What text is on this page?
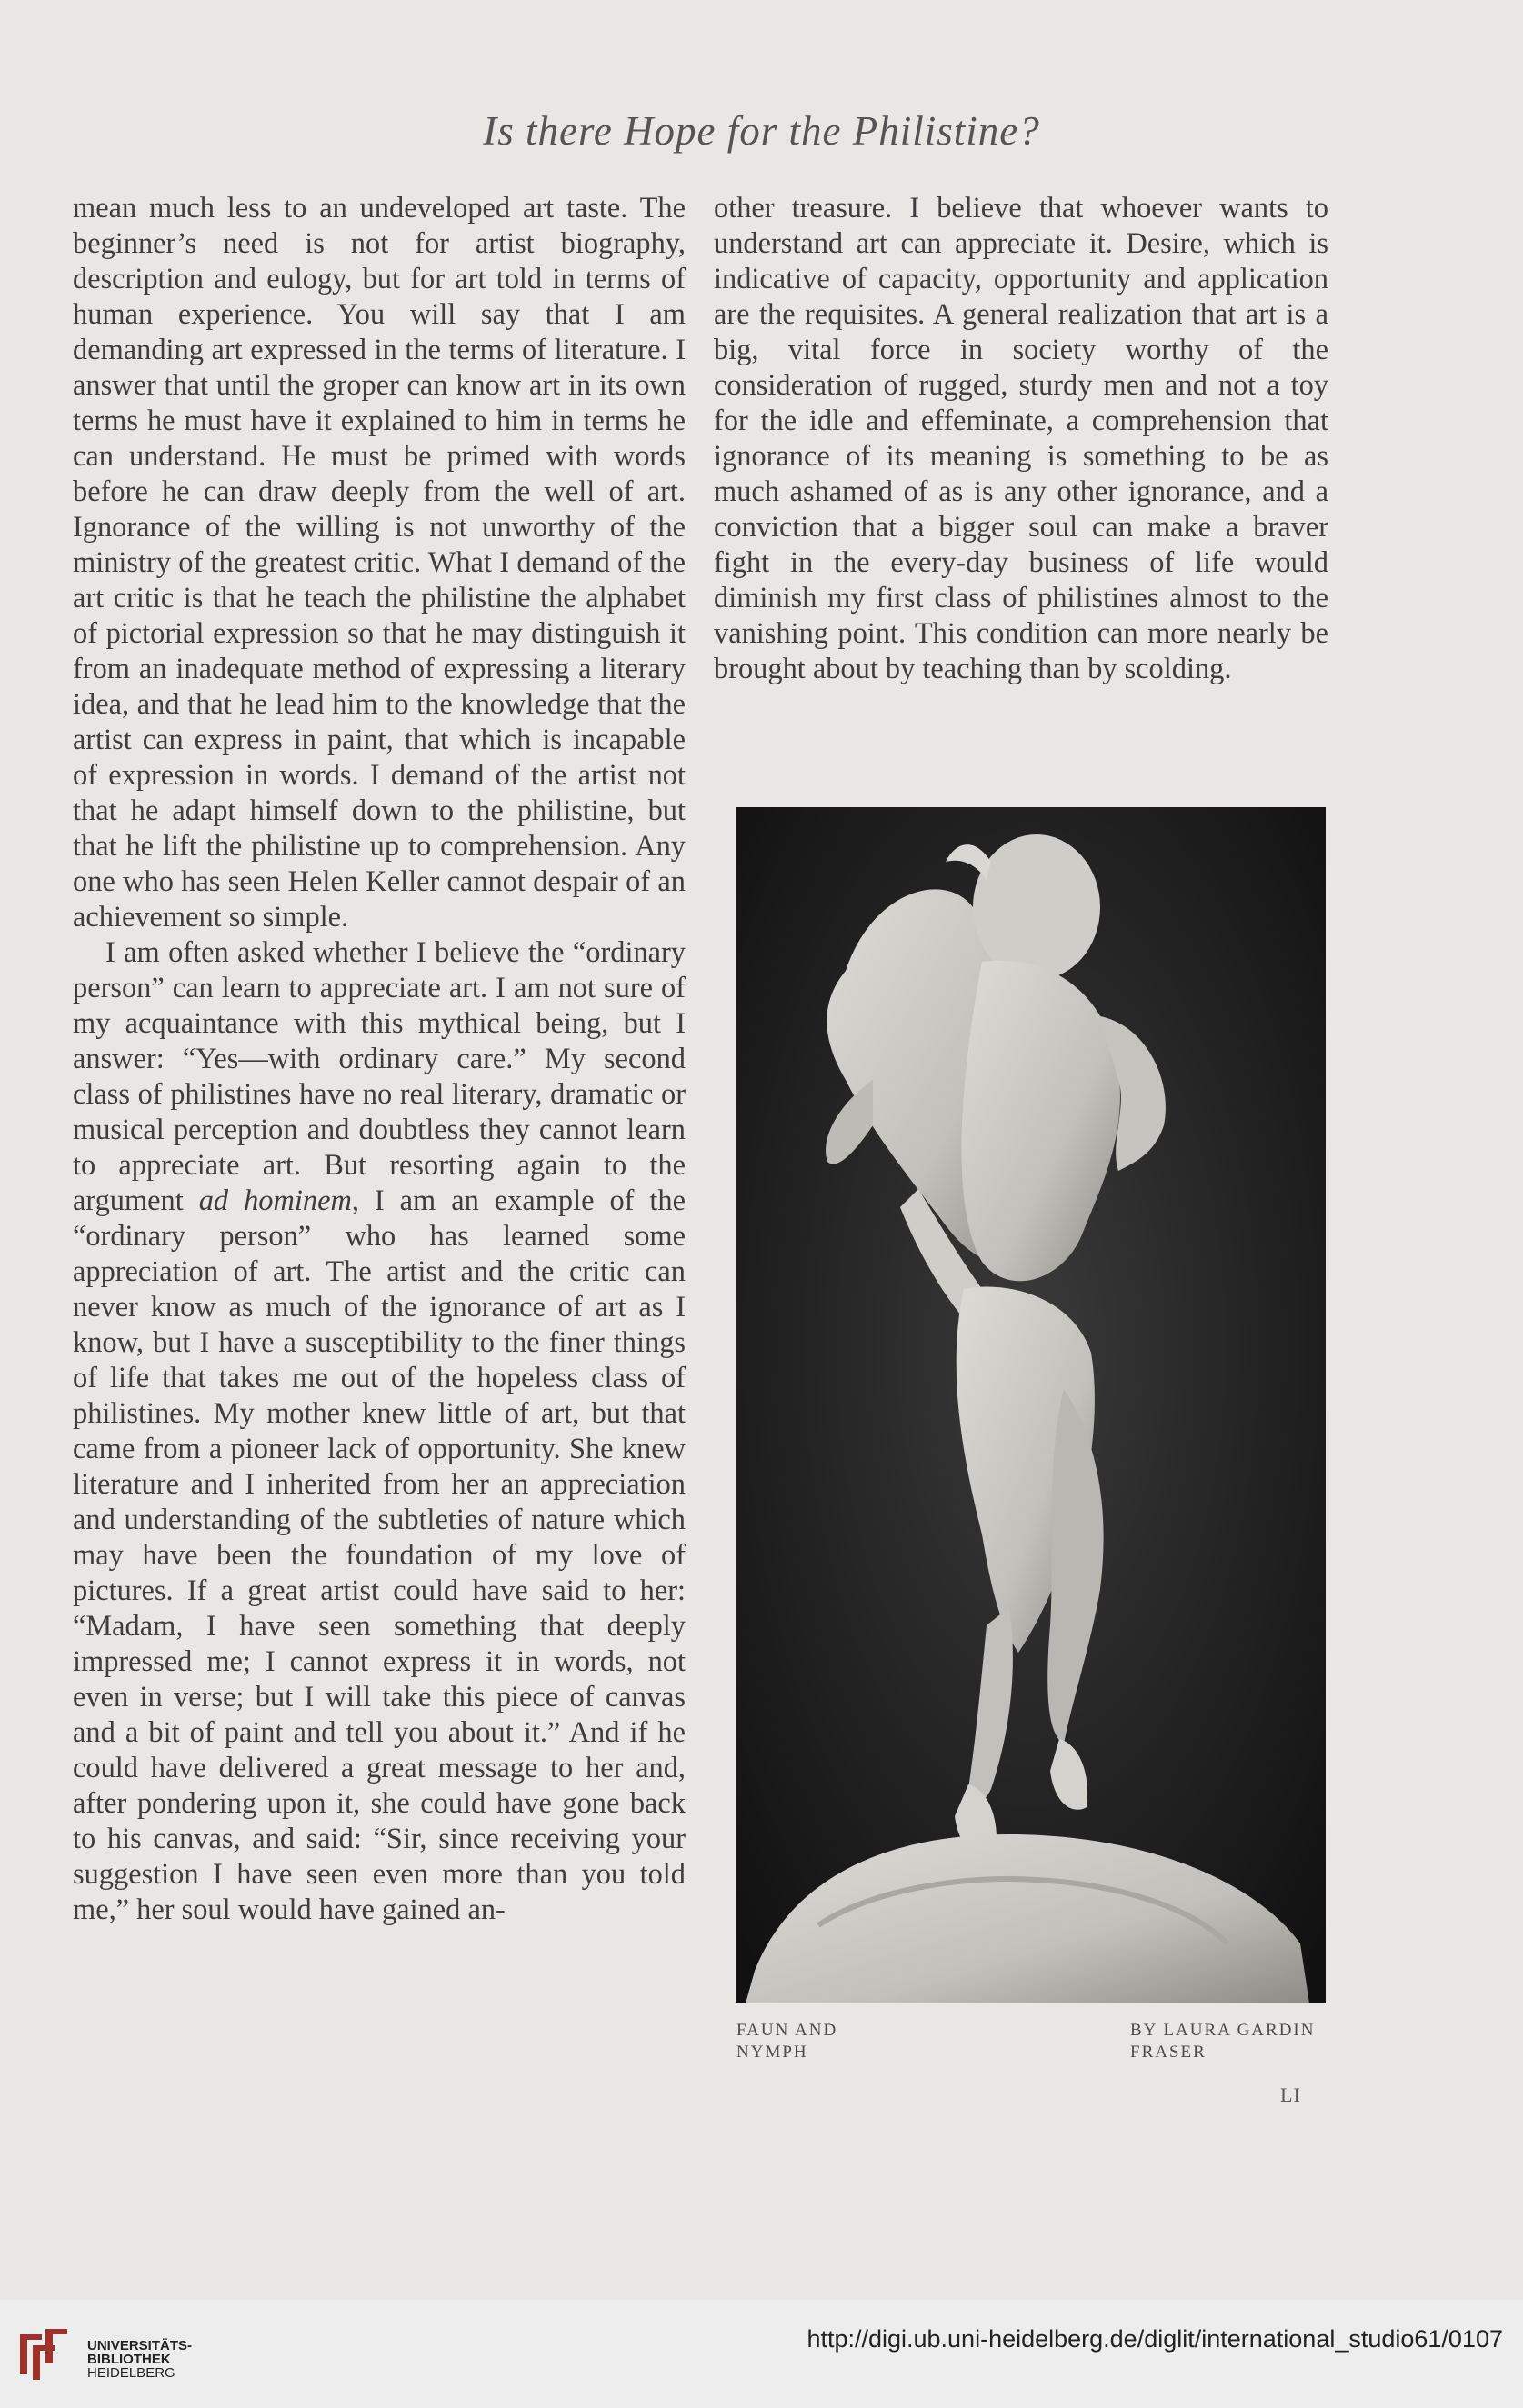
Is there Hope for the Philistine?

mean much less to an undeveloped art taste. The beginner’s need is not for artist biography, description and eulogy, but for art told in terms of human experience. You will say that I am demanding art expressed in the terms of literature. I answer that until the groper can know art in its own terms he must have it explained to him in terms he can understand. He must be primed with words before he can draw deeply from the well of art. Ignorance of the willing is not unworthy of the ministry of the greatest critic. What I demand of the art critic is that he teach the philistine the alphabet of pictorial expression so that he may distinguish it from an inadequate method of expressing a literary idea, and that he lead him to the knowledge that the artist can express in paint, that which is incapable of expression in words. I demand of the artist not that he adapt himself down to the philistine, but that he lift the philistine up to comprehension. Any one who has seen Helen Keller cannot despair of an achievement so simple.

I am often asked whether I believe the “ordinary person” can learn to appreciate art. I am not sure of my acquaintance with this mythical being, but I answer: “Yes—with ordinary care.” My second class of philistines have no real literary, dramatic or musical perception and doubtless they cannot learn to appreciate art. But resorting again to the argument ad hominem, I am an example of the “ordinary person” who has learned some appreciation of art. The artist and the critic can never know as much of the ignorance of art as I know, but I have a susceptibility to the finer things of life that takes me out of the hopeless class of philistines. My mother knew little of art, but that came from a pioneer lack of opportunity. She knew literature and I inherited from her an appreciation and understanding of the subtleties of nature which may have been the foundation of my love of pictures. If a great artist could have said to her: “Madam, I have seen something that deeply impressed me; I cannot express it in words, not even in verse; but I will take this piece of canvas and a bit of paint and tell you about it.” And if he could have delivered a great message to her and, after pondering upon it, she could have gone back to his canvas, and said: “Sir, since receiving your suggestion I have seen even more than you told me,” her soul would have gained an-

other treasure. I believe that whoever wants to understand art can appreciate it. Desire, which is indicative of capacity, opportunity and application are the requisites. A general realization that art is a big, vital force in society worthy of the consideration of rugged, sturdy men and not a toy for the idle and effeminate, a comprehension that ignorance of its meaning is something to be as much ashamed of as is any other ignorance, and a conviction that a bigger soul can make a braver fight in the every-day business of life would diminish my first class of philistines almost to the vanishing point. This condition can more nearly be brought about by teaching than by scolding.

FAUN AND
NYMPH
BY LAURA GARDIN
FRASER
LI
UNIVERSITÄTS-
BIBLIOTHEK
HEIDELBERG
http://digi.ub.uni-heidelberg.de/diglit/international_studio61/0107
